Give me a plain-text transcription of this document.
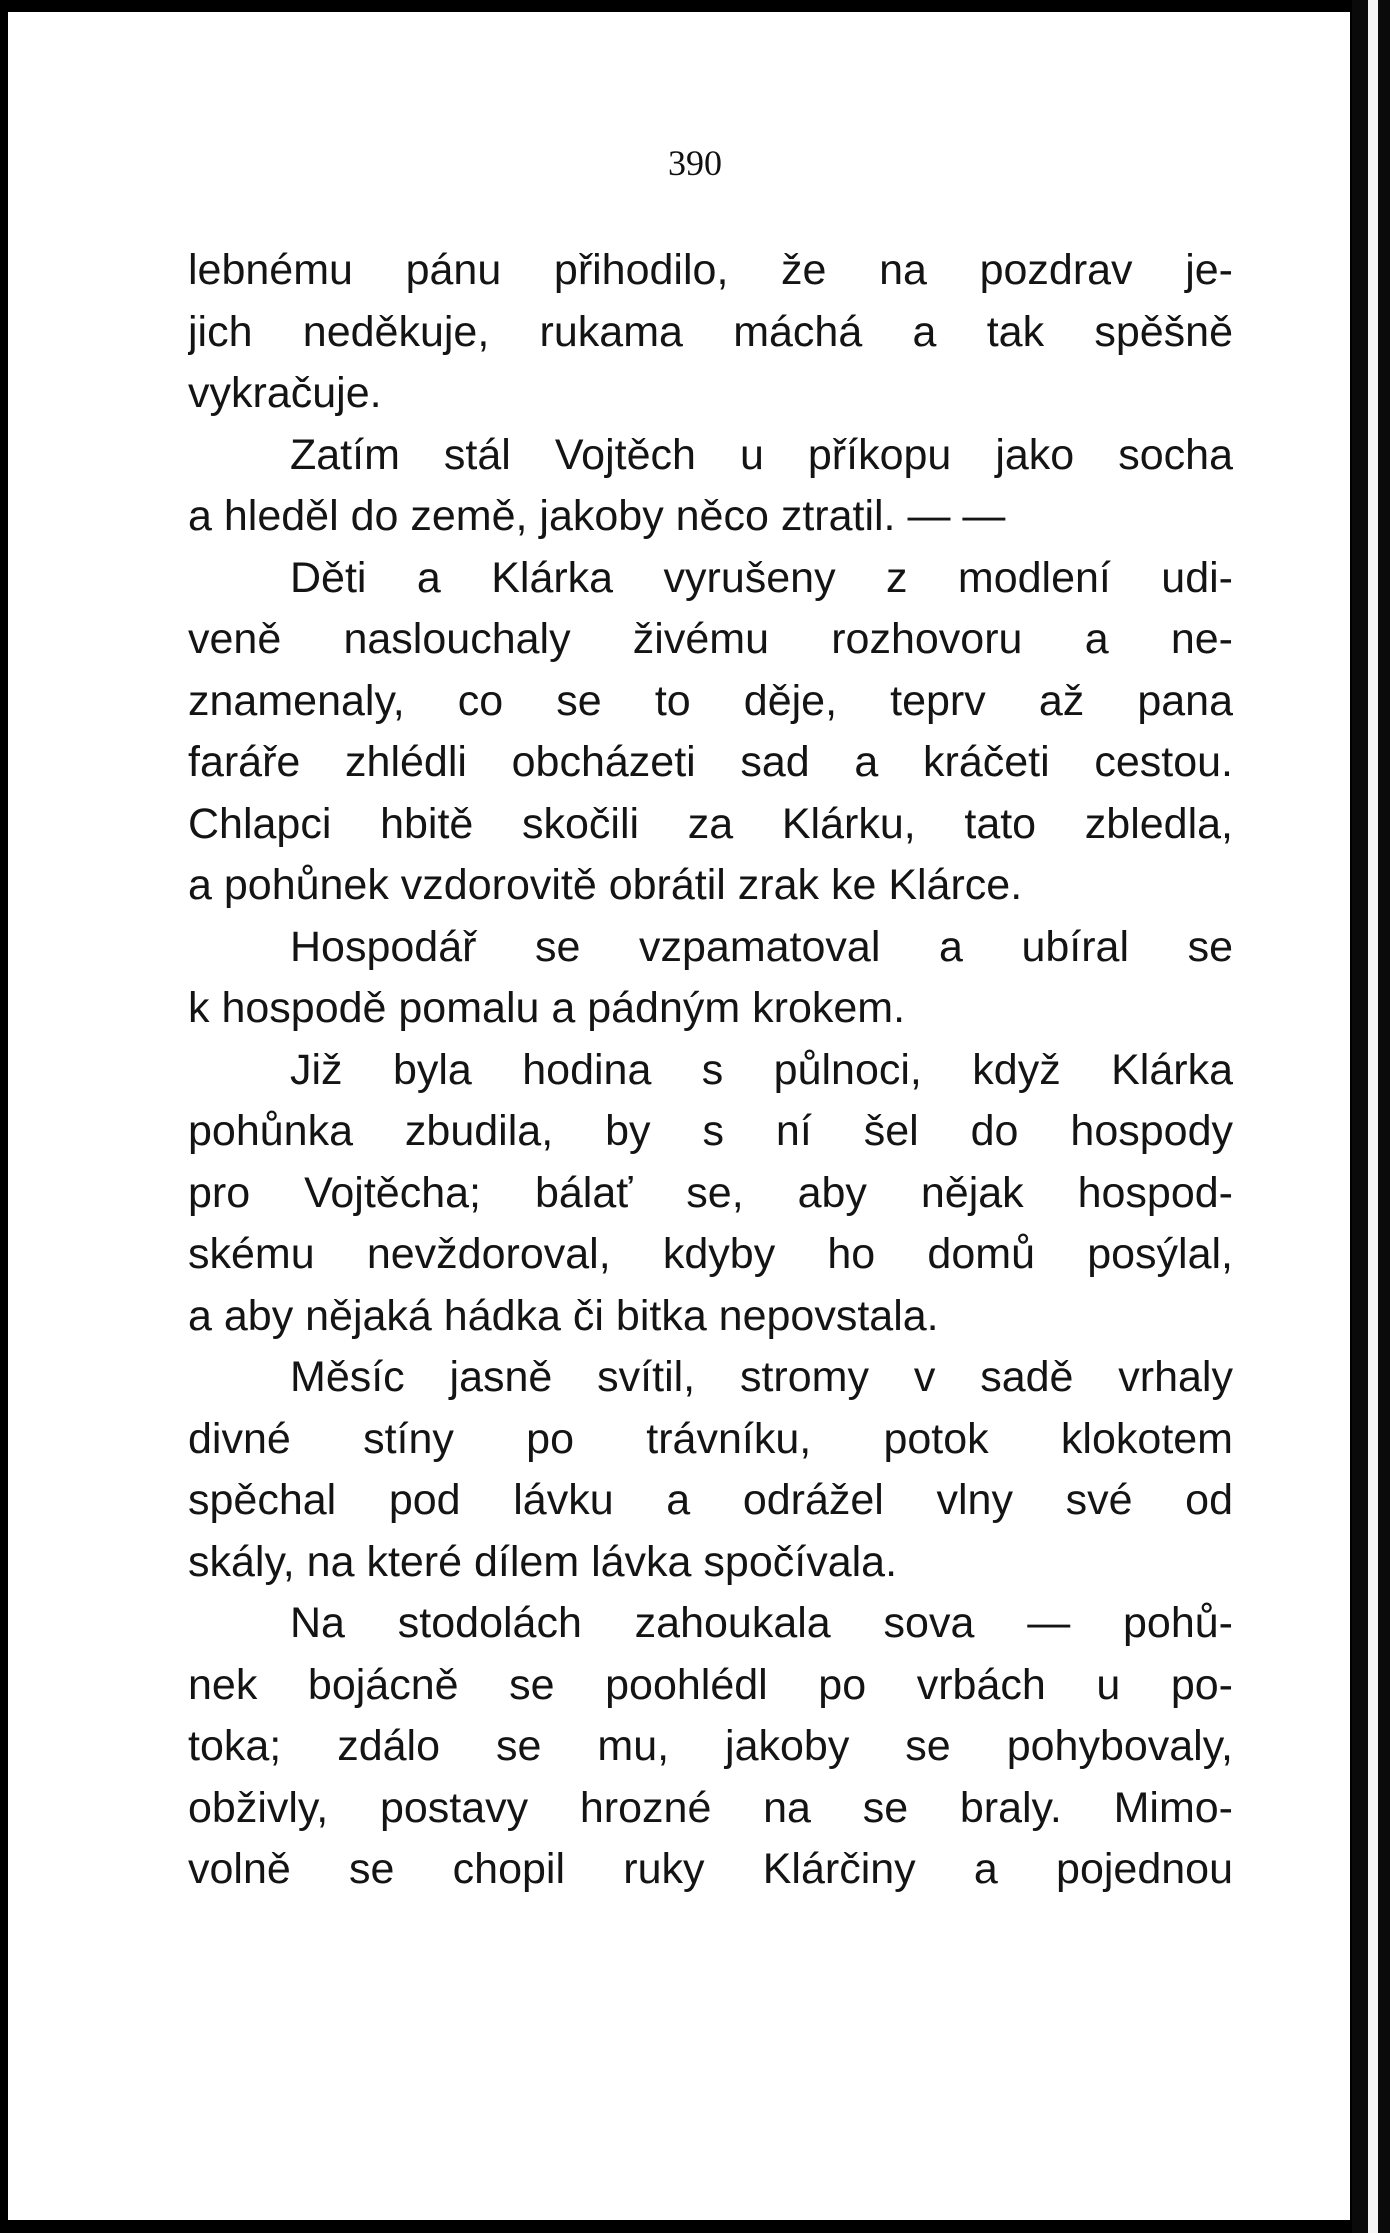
390

lebnému pánu přihodilo, že na pozdrav je-
jich neděkuje, rukama máchá a tak spěšně
vykračuje.
Zatím stál Vojtěch u příkopu jako socha
a hleděl do země, jakoby něco ztratil. — —
Děti a Klárka vyrušeny z modlení udi-
veně naslouchaly živému rozhovoru a ne-
znamenaly, co se to děje, teprv až pana
faráře zhlédli obcházeti sad a kráčeti cestou.
Chlapci hbitě skočili za Klárku, tato zbledla,
a pohůnek vzdorovitě obrátil zrak ke Klárce.
Hospodář se vzpamatoval a ubíral se
k hospodě pomalu a pádným krokem.
Již byla hodina s půlnoci, když Klárka
pohůnka zbudila, by s ní šel do hospody
pro Vojtěcha; bálať se, aby nějak hospod-
skému nevždoroval, kdyby ho domů posýlal,
a aby nějaká hádka či bitka nepovstala.
Měsíc jasně svítil, stromy v sadě vrhaly
divné stíny po trávníku, potok klokotem
spěchal pod lávku a odrážel vlny své od
skály, na které dílem lávka spočívala.
Na stodolách zahoukala sova — pohů-
nek bojácně se poohlédl po vrbách u po-
toka; zdálo se mu, jakoby se pohybovaly,
obživly, postavy hrozné na se braly. Mimo-
volně se chopil ruky Klárčiny a pojednou
